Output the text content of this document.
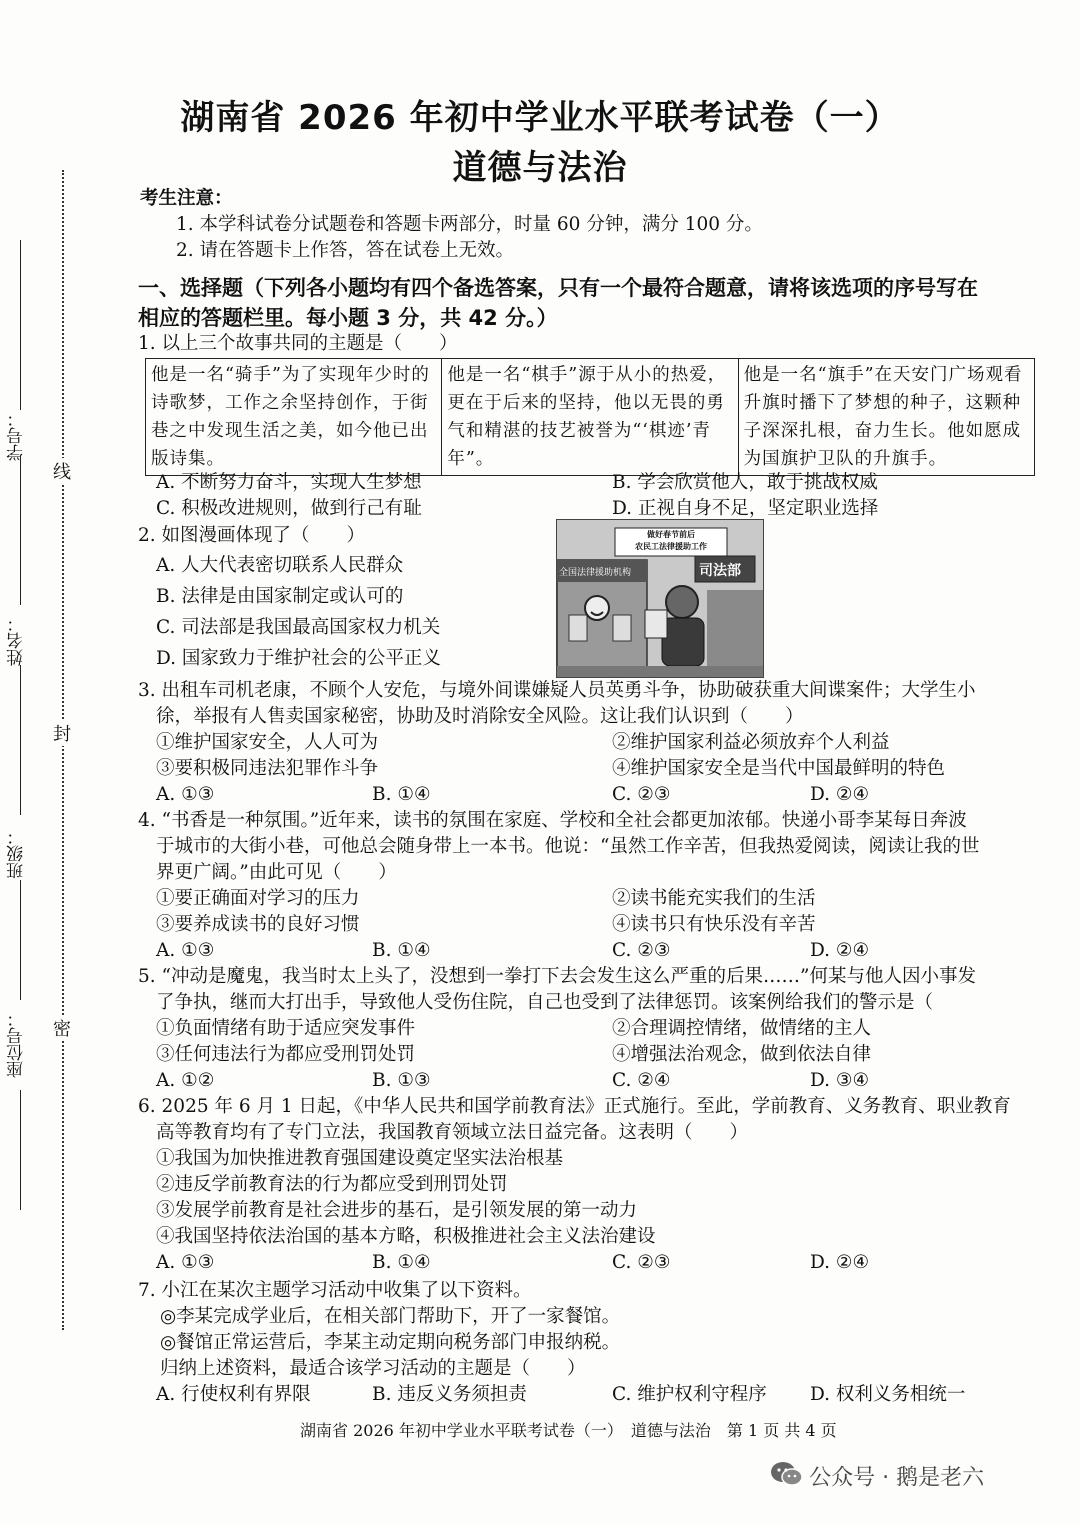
湖南省 2026 年初中学业水平联考试卷（一）
道德与法治
学号：
姓名：
班级：
座位号：
线
封
密
考生注意：
1. 本学科试卷分试题卷和答题卡两部分，时量 60 分钟，满分 100 分。
2. 请在答题卡上作答，答在试卷上无效。
一、选择题（下列各小题均有四个备选答案，只有一个最符合题意，请将该选项的序号写在
相应的答题栏里。每小题 3 分，共 42 分。）
1. 以上三个故事共同的主题是（　　）
他是一名“骑手”为了实现年少时的诗歌梦，工作之余坚持创作，于街巷之中发现生活之美，如今他已出版诗集。	他是一名“棋手”源于从小的热爱，更在于后来的坚持，他以无畏的勇气和精湛的技艺被誉为“‘棋迹’青年”。	他是一名“旗手”在天安门广场观看升旗时播下了梦想的种子，这颗种子深深扎根，奋力生长。他如愿成为国旗护卫队的升旗手。
A. 不断努力奋斗，实现人生梦想	B. 学会欣赏他人，敢于挑战权威
C. 积极改进规则，做到行己有耻	D. 正视自身不足，坚定职业选择
2. 如图漫画体现了（　　）
A. 人大代表密切联系人民群众
B. 法律是由国家制定或认可的
C. 司法部是我国最高国家权力机关
D. 国家致力于维护社会的公平正义
做好春节前后
农民工法律援助工作
司法部
全国法律援助机构
3. 出租车司机老康，不顾个人安危，与境外间谍嫌疑人员英勇斗争，协助破获重大间谍案件；大学生小
徐，举报有人售卖国家秘密，协助及时消除安全风险。这让我们认识到（　　）
①维护国家安全，人人可为	②维护国家利益必须放弃个人利益
③要积极同违法犯罪作斗争	④维护国家安全是当代中国最鲜明的特色
A. ①③	B. ①④	C. ②③	D. ②④
4. “书香是一种氛围。”近年来，读书的氛围在家庭、学校和全社会都更加浓郁。快递小哥李某每日奔波
于城市的大街小巷，可他总会随身带上一本书。他说：“虽然工作辛苦，但我热爱阅读，阅读让我的世
界更广阔。”由此可见（　　）
①要正确面对学习的压力	②读书能充实我们的生活
③要养成读书的良好习惯	④读书只有快乐没有辛苦
A. ①③	B. ①④	C. ②③	D. ②④
5. “冲动是魔鬼，我当时太上头了，没想到一拳打下去会发生这么严重的后果……”何某与他人因小事发
了争执，继而大打出手，导致他人受伤住院，自己也受到了法律惩罚。该案例给我们的警示是（
①负面情绪有助于适应突发事件	②合理调控情绪，做情绪的主人
③任何违法行为都应受刑罚处罚	④增强法治观念，做到依法自律
A. ①②	B. ①③	C. ②④	D. ③④
6. 2025 年 6 月 1 日起，《中华人民共和国学前教育法》正式施行。至此，学前教育、义务教育、职业教育
高等教育均有了专门立法，我国教育领域立法日益完备。这表明（　　）
①我国为加快推进教育强国建设奠定坚实法治根基
②违反学前教育法的行为都应受到刑罚处罚
③发展学前教育是社会进步的基石，是引领发展的第一动力
④我国坚持依法治国的基本方略，积极推进社会主义法治建设
A. ①③	B. ①④	C. ②③	D. ②④
7. 小江在某次主题学习活动中收集了以下资料。
◎李某完成学业后，在相关部门帮助下，开了一家餐馆。
◎餐馆正常运营后，李某主动定期向税务部门申报纳税。
归纳上述资料，最适合该学习活动的主题是（　　）
A. 行使权利有界限	B. 违反义务须担责	C. 维护权利守程序 D. 权利义务相统一
湖南省 2026 年初中学业水平联考试卷（一）　道德与法治　第 1 页 共 4 页
公众号 · 鹅是老六
